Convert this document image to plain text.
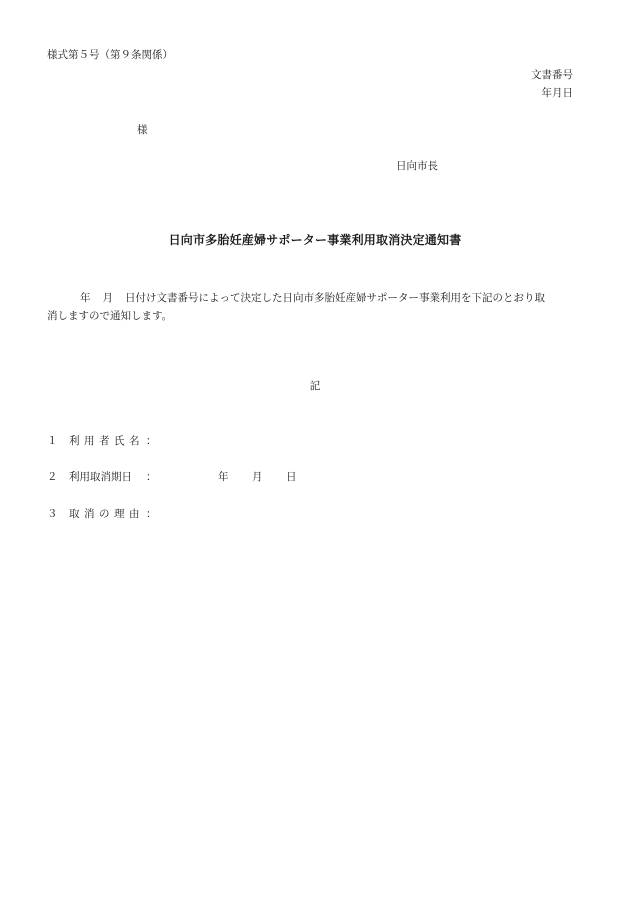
様式第５号（第９条関係）
文書番号
年月日
様
日向市長
日向市多胎妊産婦サポーター事業利用取消決定通知書
年 月 日付け文書番号によって決定した日向市多胎妊産婦サポーター事業利用を下記のとおり取
消しますので通知します。
記
１ 利用者氏名 ：
２ 利用取消期日 ：	年 月 日
３ 取消の理由 ：
